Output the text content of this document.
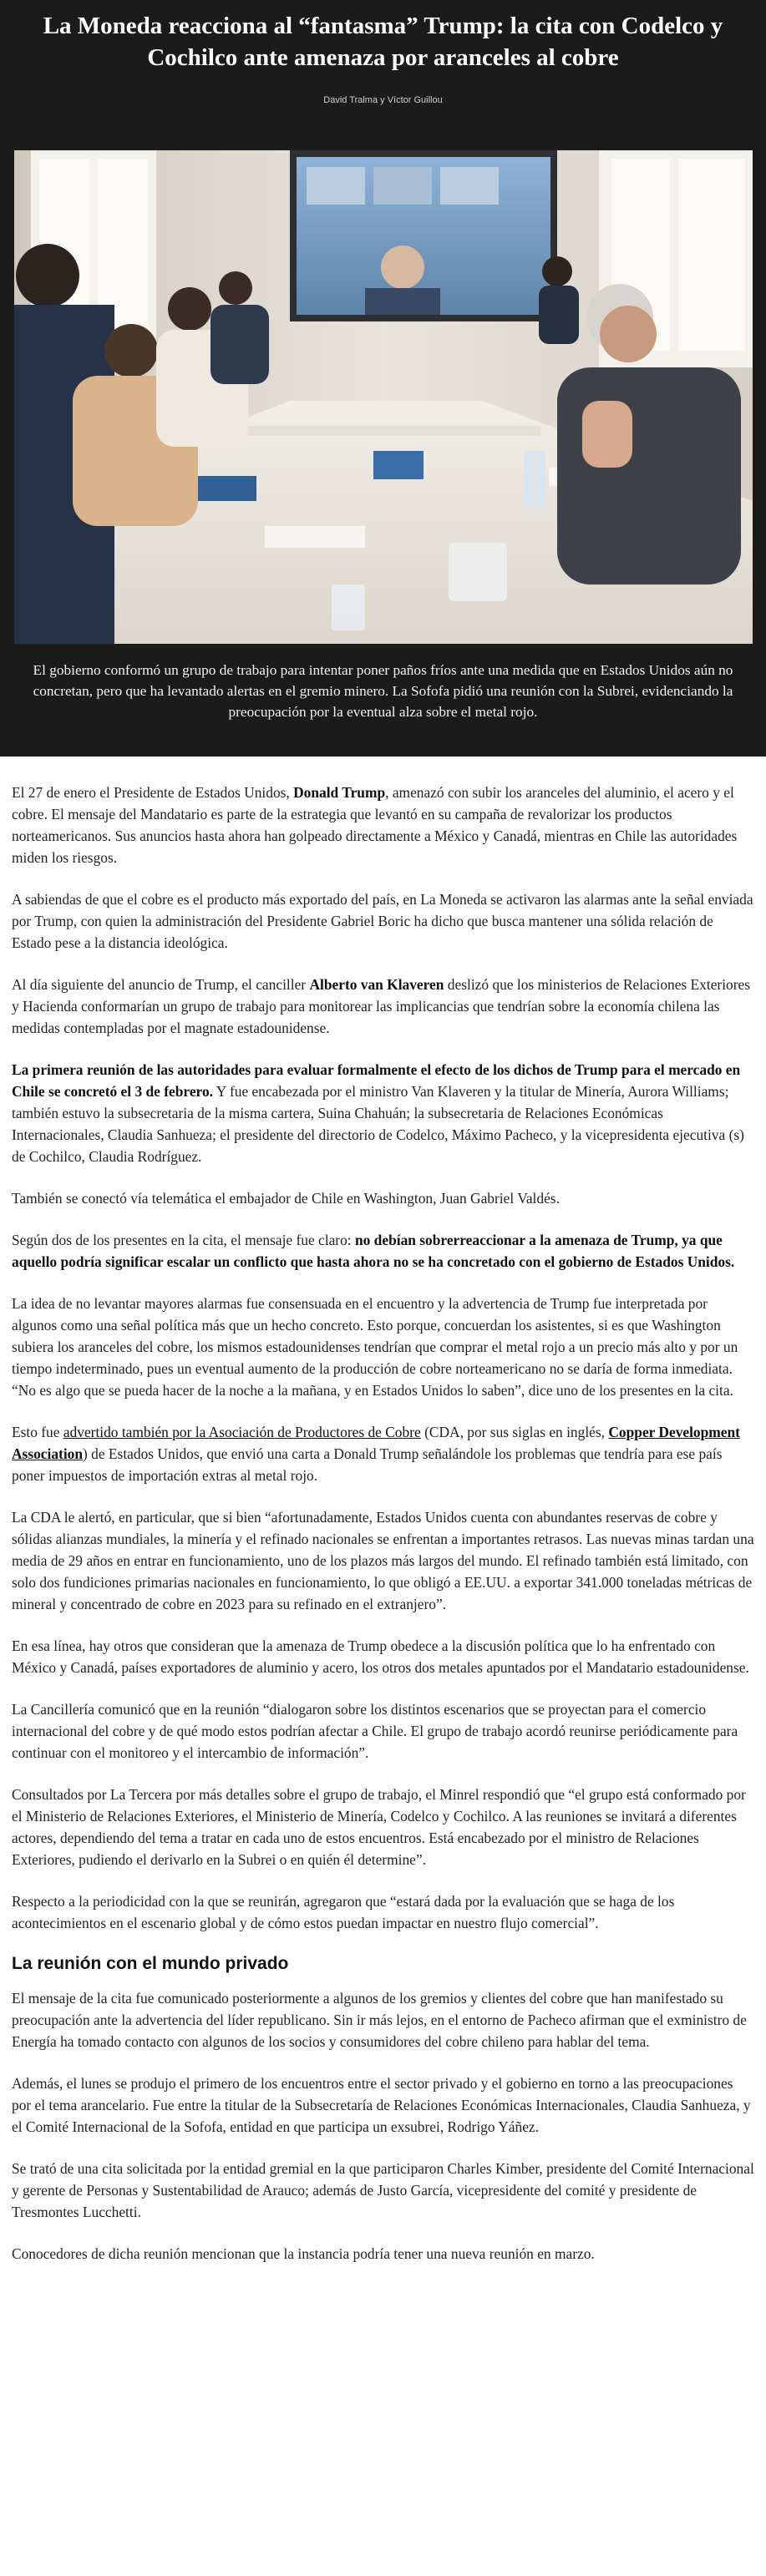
La Moneda reacciona al “fantasma” Trump: la cita con Codelco y Cochilco ante amenaza por aranceles al cobre
David Tralma y Víctor Guillou

El gobierno conformó un grupo de trabajo para intentar poner paños fríos ante una medida que en Estados Unidos aún no concretan, pero que ha levantado alertas en el gremio minero. La Sofofa pidió una reunión con la Subrei, evidenciando la preocupación por la eventual alza sobre el metal rojo.

El 27 de enero el Presidente de Estados Unidos, Donald Trump, amenazó con subir los aranceles del aluminio, el acero y el cobre. El mensaje del Mandatario es parte de la estrategia que levantó en su campaña de revalorizar los productos norteamericanos. Sus anuncios hasta ahora han golpeado directamente a México y Canadá, mientras en Chile las autoridades miden los riesgos.

A sabiendas de que el cobre es el producto más exportado del país, en La Moneda se activaron las alarmas ante la señal enviada por Trump, con quien la administración del Presidente Gabriel Boric ha dicho que busca mantener una sólida relación de Estado pese a la distancia ideológica.

Al día siguiente del anuncio de Trump, el canciller Alberto van Klaveren deslizó que los ministerios de Relaciones Exteriores y Hacienda conformarían un grupo de trabajo para monitorear las implicancias que tendrían sobre la economía chilena las medidas contempladas por el magnate estadounidense.

La primera reunión de las autoridades para evaluar formalmente el efecto de los dichos de Trump para el mercado en Chile se concretó el 3 de febrero. Y fue encabezada por el ministro Van Klaveren y la titular de Minería, Aurora Williams; también estuvo la subsecretaria de la misma cartera, Suina Chahuán; la subsecretaria de Relaciones Económicas Internacionales, Claudia Sanhueza; el presidente del directorio de Codelco, Máximo Pacheco, y la vicepresidenta ejecutiva (s) de Cochilco, Claudia Rodríguez.

También se conectó vía telemática el embajador de Chile en Washington, Juan Gabriel Valdés.

Según dos de los presentes en la cita, el mensaje fue claro: no debían sobrerreaccionar a la amenaza de Trump, ya que aquello podría significar escalar un conflicto que hasta ahora no se ha concretado con el gobierno de Estados Unidos.

La idea de no levantar mayores alarmas fue consensuada en el encuentro y la advertencia de Trump fue interpretada por algunos como una señal política más que un hecho concreto. Esto porque, concuerdan los asistentes, si es que Washington subiera los aranceles del cobre, los mismos estadounidenses tendrían que comprar el metal rojo a un precio más alto y por un tiempo indeterminado, pues un eventual aumento de la producción de cobre norteamericano no se daría de forma inmediata. “No es algo que se pueda hacer de la noche a la mañana, y en Estados Unidos lo saben”, dice uno de los presentes en la cita.

Esto fue advertido también por la Asociación de Productores de Cobre (CDA, por sus siglas en inglés, Copper Development Association) de Estados Unidos, que envió una carta a Donald Trump señalándole los problemas que tendría para ese país poner impuestos de importación extras al metal rojo.

La CDA le alertó, en particular, que si bien “afortunadamente, Estados Unidos cuenta con abundantes reservas de cobre y sólidas alianzas mundiales, la minería y el refinado nacionales se enfrentan a importantes retrasos. Las nuevas minas tardan una media de 29 años en entrar en funcionamiento, uno de los plazos más largos del mundo. El refinado también está limitado, con solo dos fundiciones primarias nacionales en funcionamiento, lo que obligó a EE.UU. a exportar 341.000 toneladas métricas de mineral y concentrado de cobre en 2023 para su refinado en el extranjero”.

En esa línea, hay otros que consideran que la amenaza de Trump obedece a la discusión política que lo ha enfrentado con México y Canadá, países exportadores de aluminio y acero, los otros dos metales apuntados por el Mandatario estadounidense.

La Cancillería comunicó que en la reunión “dialogaron sobre los distintos escenarios que se proyectan para el comercio internacional del cobre y de qué modo estos podrían afectar a Chile. El grupo de trabajo acordó reunirse periódicamente para continuar con el monitoreo y el intercambio de información”.

Consultados por La Tercera por más detalles sobre el grupo de trabajo, el Minrel respondió que “el grupo está conformado por el Ministerio de Relaciones Exteriores, el Ministerio de Minería, Codelco y Cochilco. A las reuniones se invitará a diferentes actores, dependiendo del tema a tratar en cada uno de estos encuentros. Está encabezado por el ministro de Relaciones Exteriores, pudiendo el derivarlo en la Subrei o en quién él determine”.

Respecto a la periodicidad con la que se reunirán, agregaron que “estará dada por la evaluación que se haga de los acontecimientos en el escenario global y de cómo estos puedan impactar en nuestro flujo comercial”.

La reunión con el mundo privado

El mensaje de la cita fue comunicado posteriormente a algunos de los gremios y clientes del cobre que han manifestado su preocupación ante la advertencia del líder republicano. Sin ir más lejos, en el entorno de Pacheco afirman que el exministro de Energía ha tomado contacto con algunos de los socios y consumidores del cobre chileno para hablar del tema.

Además, el lunes se produjo el primero de los encuentros entre el sector privado y el gobierno en torno a las preocupaciones por el tema arancelario. Fue entre la titular de la Subsecretaría de Relaciones Económicas Internacionales, Claudia Sanhueza, y el Comité Internacional de la Sofofa, entidad en que participa un exsubrei, Rodrigo Yáñez.

Se trató de una cita solicitada por la entidad gremial en la que participaron Charles Kimber, presidente del Comité Internacional y gerente de Personas y Sustentabilidad de Arauco; además de Justo García, vicepresidente del comité y presidente de Tresmontes Lucchetti.

Conocedores de dicha reunión mencionan que la instancia podría tener una nueva reunión en marzo.
